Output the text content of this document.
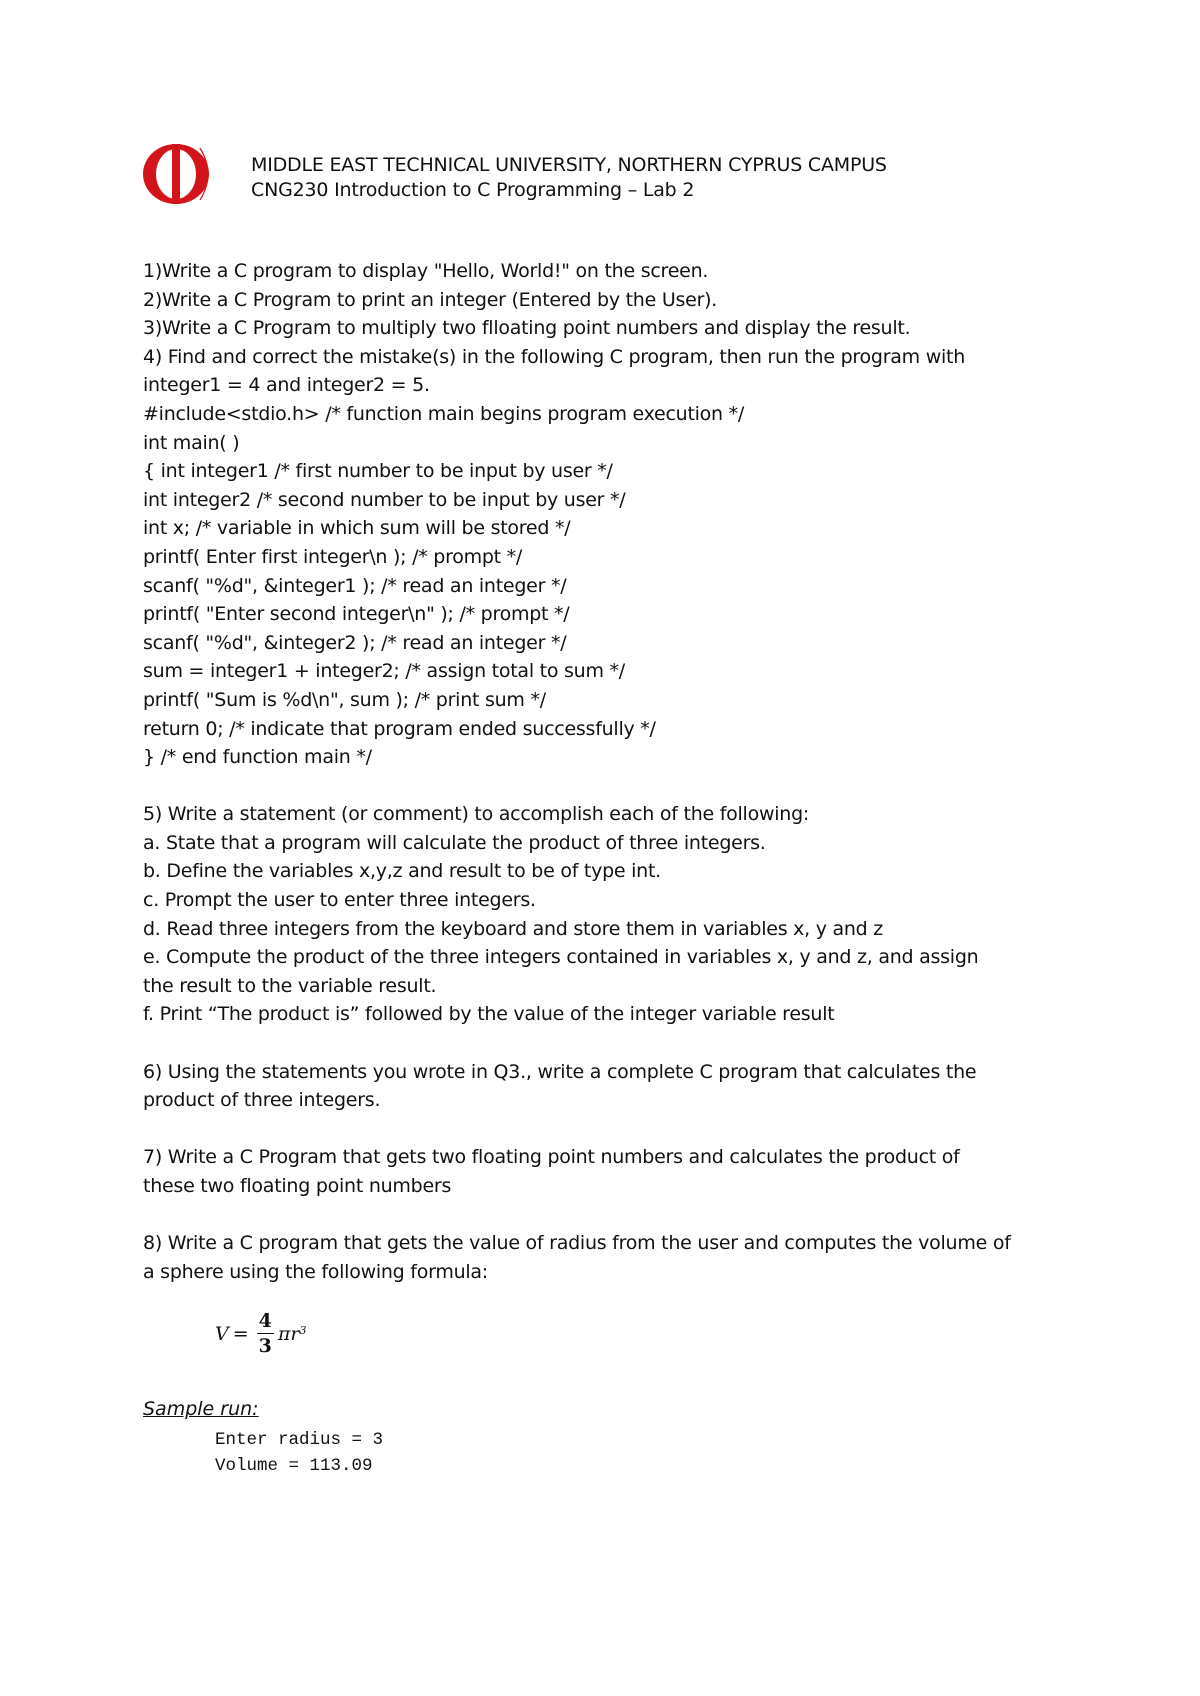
MIDDLE EAST TECHNICAL UNIVERSITY, NORTHERN CYPRUS CAMPUS
CNG230 Introduction to C Programming – Lab 2
1)Write a C program to display "Hello, World!" on the screen.
2)Write a C Program to print an integer (Entered by the User).
3)Write a C Program to multiply two flloating point numbers and display the result.
4) Find and correct the mistake(s) in the following C program, then run the program with
integer1 = 4 and integer2 = 5.
#include<stdio.h> /* function main begins program execution */
int main( )
{ int integer1 /* first number to be input by user */
int integer2 /* second number to be input by user */
int x; /* variable in which sum will be stored */
printf( Enter first integer\n ); /* prompt */
scanf( "%d", &integer1 ); /* read an integer */
printf( "Enter second integer\n" ); /* prompt */
scanf( "%d", &integer2 ); /* read an integer */
sum = integer1 + integer2; /* assign total to sum */
printf( "Sum is %d\n", sum ); /* print sum */
return 0; /* indicate that program ended successfully */
} /* end function main */
5) Write a statement (or comment) to accomplish each of the following:
a. State that a program will calculate the product of three integers.
b. Define the variables x,y,z and result to be of type int.
c. Prompt the user to enter three integers.
d. Read three integers from the keyboard and store them in variables x, y and z
e. Compute the product of the three integers contained in variables x, y and z, and assign
the result to the variable result.
f. Print “The product is” followed by the value of the integer variable result
6) Using the statements you wrote in Q3., write a complete C program that calculates the
product of three integers.
7) Write a C Program that gets two floating point numbers and calculates the product of
these two floating point numbers
8) Write a C program that gets the value of radius from the user and computes the volume of
a sphere using the following formula:
$V = \frac{4}{3}$ πr 3
Sample run:
Enter radius = 3
Volume = 113.09
